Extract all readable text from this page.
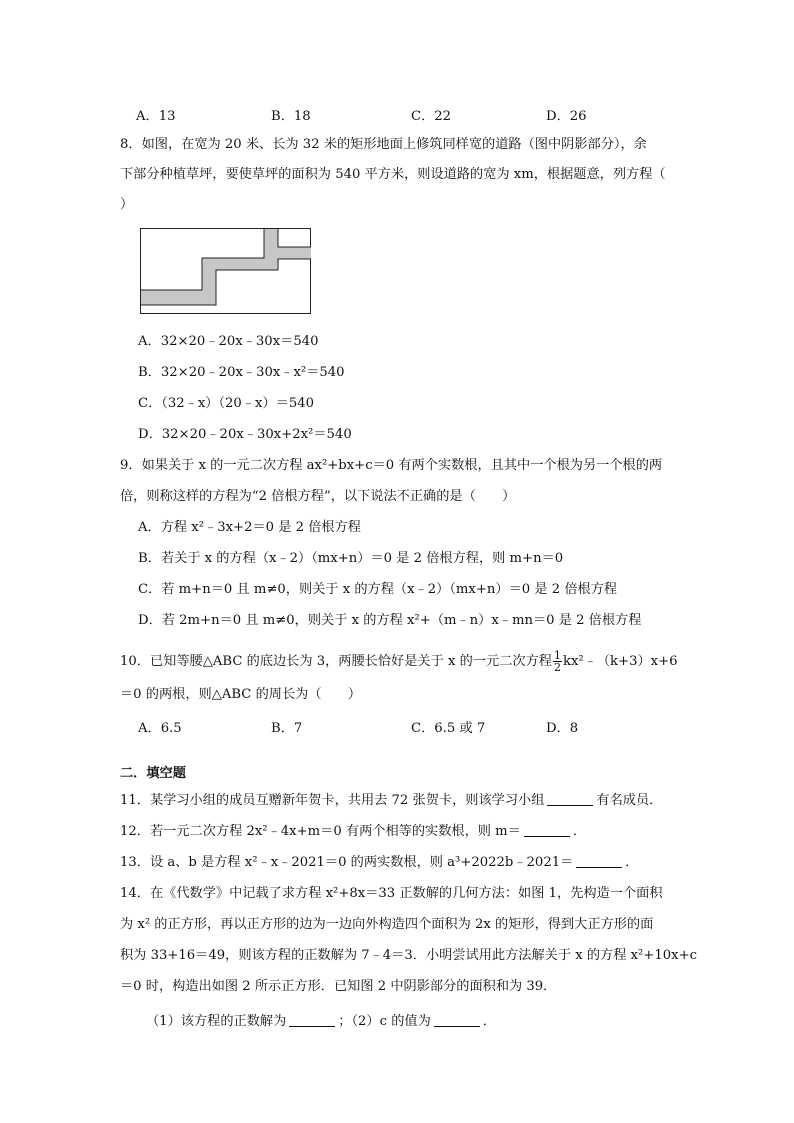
A．13	B．18	C．22	D．26
8．如图，在宽为 20 米、长为 32 米的矩形地面上修筑同样宽的道路（图中阴影部分），余
下部分种植草坪，要使草坪的面积为 540 平方米，则设道路的宽为 xm，根据题意，列方程（
）
A．32×20﹣20x﹣30x＝540
B．32×20﹣20x﹣30x﹣x²＝540
C．（32﹣x）（20﹣x）＝540
D．32×20﹣20x﹣30x+2x²＝540
9．如果关于 x 的一元二次方程 ax²+bx+c＝0 有两个实数根，且其中一个根为另一个根的两
倍，则称这样的方程为“2 倍根方程”，以下说法不正确的是（　　）
A．方程 x²﹣3x+2＝0 是 2 倍根方程
B．若关于 x 的方程（x﹣2）（mx+n）＝0 是 2 倍根方程，则 m+n＝0
C．若 m+n＝0 且 m≠0，则关于 x 的方程（x﹣2）（mx+n）＝0 是 2 倍根方程
D．若 2m+n＝0 且 m≠0，则关于 x 的方程 x²+（m﹣n）x﹣mn＝0 是 2 倍根方程
10．已知等腰△ABC 的底边长为 3，两腰长恰好是关于 x 的一元二次方程 $\frac{1}{2}$ kx²﹣（k+3）x+6
＝0 的两根，则△ABC 的周长为（　　）
A．6.5	B．7	C．6.5 或 7	D．8
二．填空题
11．某学习小组的成员互赠新年贺卡，共用去 72 张贺卡，则该学习小组	有名成员．
12．若一元二次方程 2x²﹣4x+m＝0 有两个相等的实数根，则 m＝	．
13．设 a、b 是方程 x²﹣x﹣2021＝0 的两实数根，则 a³+2022b﹣2021＝	．
14．在《代数学》中记载了求方程 x²+8x＝33 正数解的几何方法：如图 1，先构造一个面积
为 x² 的正方形，再以正方形的边为一边向外构造四个面积为 2x 的矩形，得到大正方形的面
积为 33+16＝49，则该方程的正数解为 7﹣4＝3．小明尝试用此方法解关于 x 的方程 x²+10x+c
＝0 时，构造出如图 2 所示正方形．已知图 2 中阴影部分的面积和为 39．
（1）该方程的正数解为	；（2）c 的值为	．
